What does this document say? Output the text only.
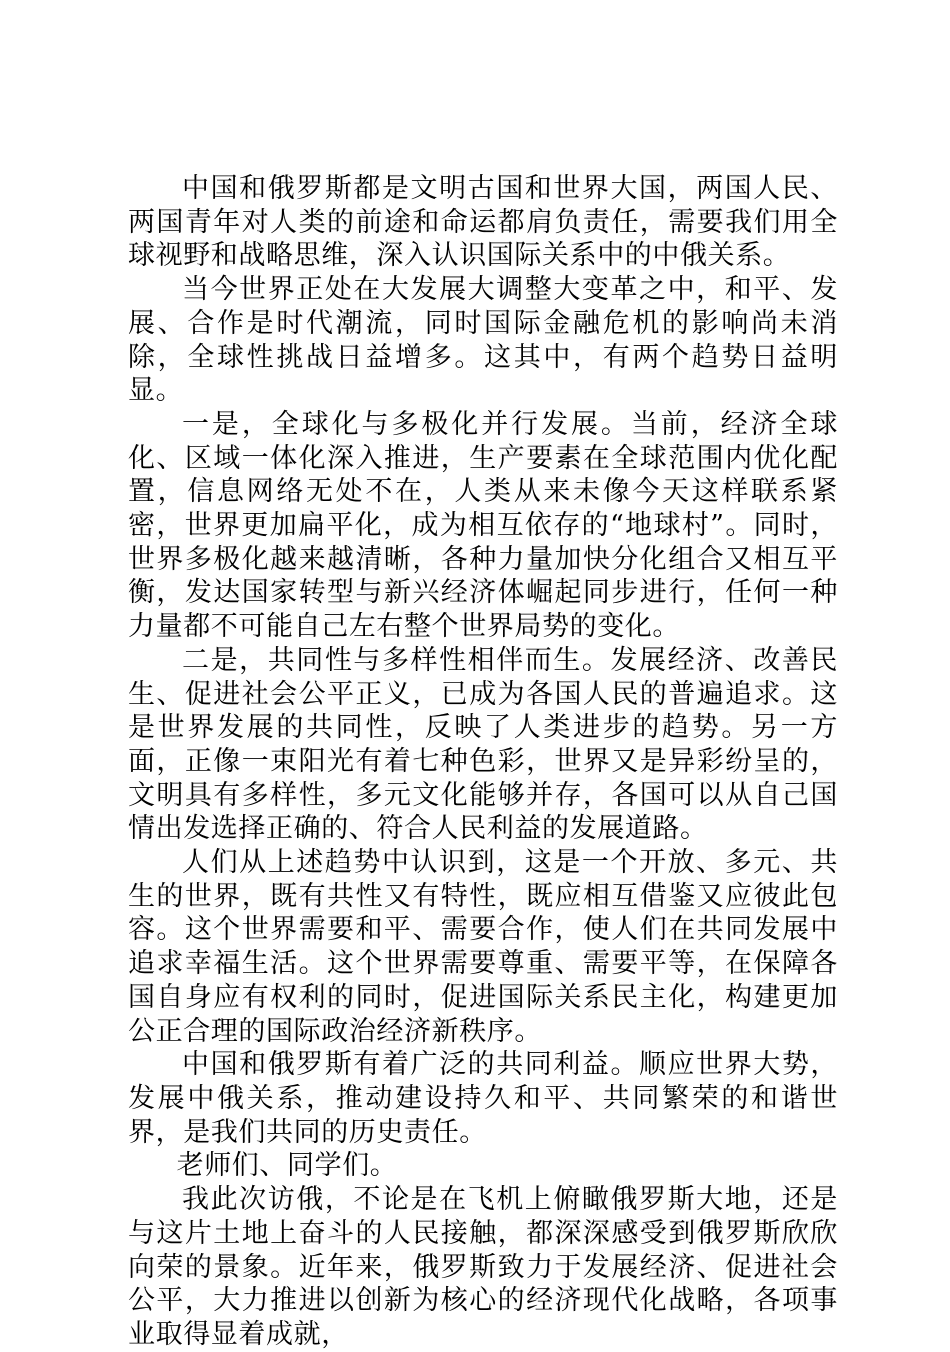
中国和俄罗斯都是文明古国和世界大国，两国人民、两国青年对人类的前途和命运都肩负责任，需要我们用全球视野和战略思维，深入认识国际关系中的中俄关系。

当今世界正处在大发展大调整大变革之中，和平、发展、合作是时代潮流，同时国际金融危机的影响尚未消除，全球性挑战日益增多。这其中，有两个趋势日益明显。

一是，全球化与多极化并行发展。当前，经济全球化、区域一体化深入推进，生产要素在全球范围内优化配置，信息网络无处不在，人类从来未像今天这样联系紧密，世界更加扁平化，成为相互依存的“地球村”。同时，世界多极化越来越清晰，各种力量加快分化组合又相互平衡，发达国家转型与新兴经济体崛起同步进行，任何一种力量都不可能自己左右整个世界局势的变化。

二是，共同性与多样性相伴而生。发展经济、改善民生、促进社会公平正义，已成为各国人民的普遍追求。这是世界发展的共同性，反映了人类进步的趋势。另一方面，正像一束阳光有着七种色彩，世界又是异彩纷呈的，文明具有多样性，多元文化能够并存，各国可以从自己国情出发选择正确的、符合人民利益的发展道路。

人们从上述趋势中认识到，这是一个开放、多元、共生的世界，既有共性又有特性，既应相互借鉴又应彼此包容。这个世界需要和平、需要合作，使人们在共同发展中追求幸福生活。这个世界需要尊重、需要平等，在保障各国自身应有权利的同时，促进国际关系民主化，构建更加公正合理的国际政治经济新秩序。

中国和俄罗斯有着广泛的共同利益。顺应世界大势，发展中俄关系，推动建设持久和平、共同繁荣的和谐世界，是我们共同的历史责任。

老师们、同学们。

我此次访俄，不论是在飞机上俯瞰俄罗斯大地，还是与这片土地上奋斗的人民接触，都深深感受到俄罗斯欣欣向荣的景象。近年来，俄罗斯致力于发展经济、促进社会公平，大力推进以创新为核心的经济现代化战略，各项事业取得显着成就，
